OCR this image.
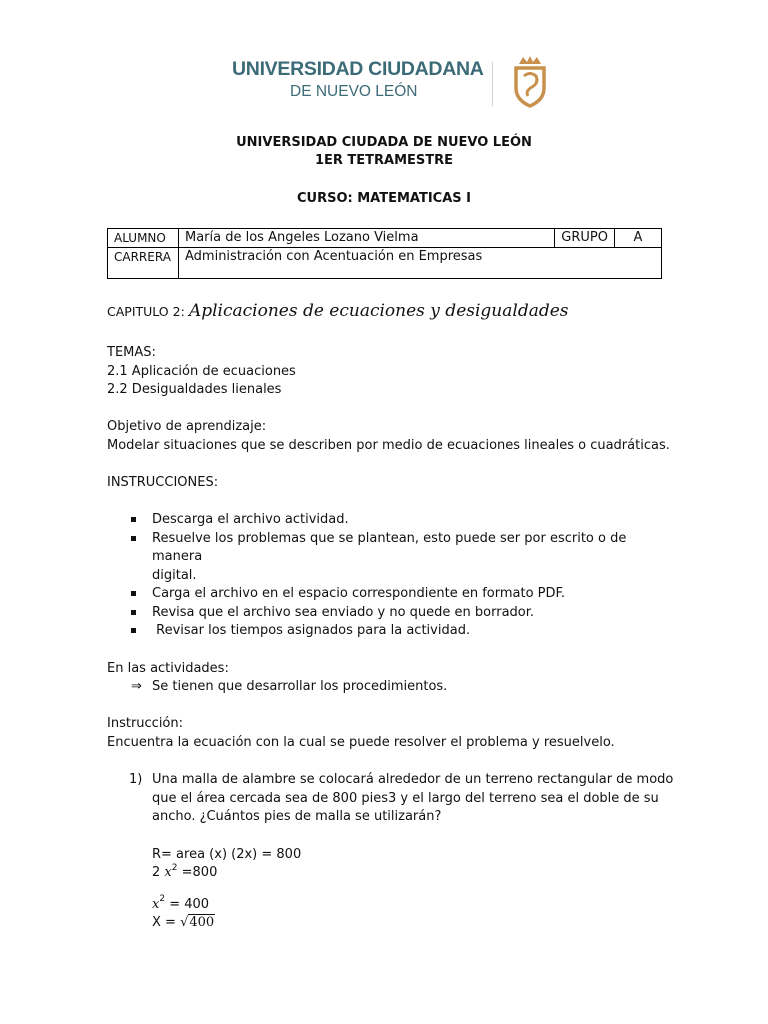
UNIVERSIDAD CIUDADANA
DE NUEVO LEÓN
UNIVERSIDAD CIUDADA DE NUEVO LEÓN
1ER TETRAMESTRE
CURSO: MATEMATICAS I
ALUMNO	María de los Angeles Lozano Vielma	GRUPO	A
CARRERA	Administración con Acentuación en Empresas		
CAPITULO 2: Aplicaciones de ecuaciones y desigualdades
TEMAS:
2.1 Aplicación de ecuaciones
2.2 Desigualdades lienales
Objetivo de aprendizaje:
Modelar situaciones que se describen por medio de ecuaciones lineales o cuadráticas.
INSTRUCCIONES:
Descarga el archivo actividad.
Resuelve los problemas que se plantean, esto puede ser por escrito o de manera
digital.
Carga el archivo en el espacio correspondiente en formato PDF.
Revisa que el archivo sea enviado y no quede en borrador.
Revisar los tiempos asignados para la actividad.
En las actividades:
⇒ Se tienen que desarrollar los procedimientos.
Instrucción:
Encuentra la ecuación con la cual se puede resolver el problema y resuelvelo.
1) Una malla de alambre se colocará alrededor de un terreno rectangular de modo
que el área cercada sea de 800 pies3 y el largo del terreno sea el doble de su
ancho. ¿Cuántos pies de malla se utilizarán?
R= area (x) (2x) = 800
2 $x^2 =800$
$x^2 = 400$
X = √400
